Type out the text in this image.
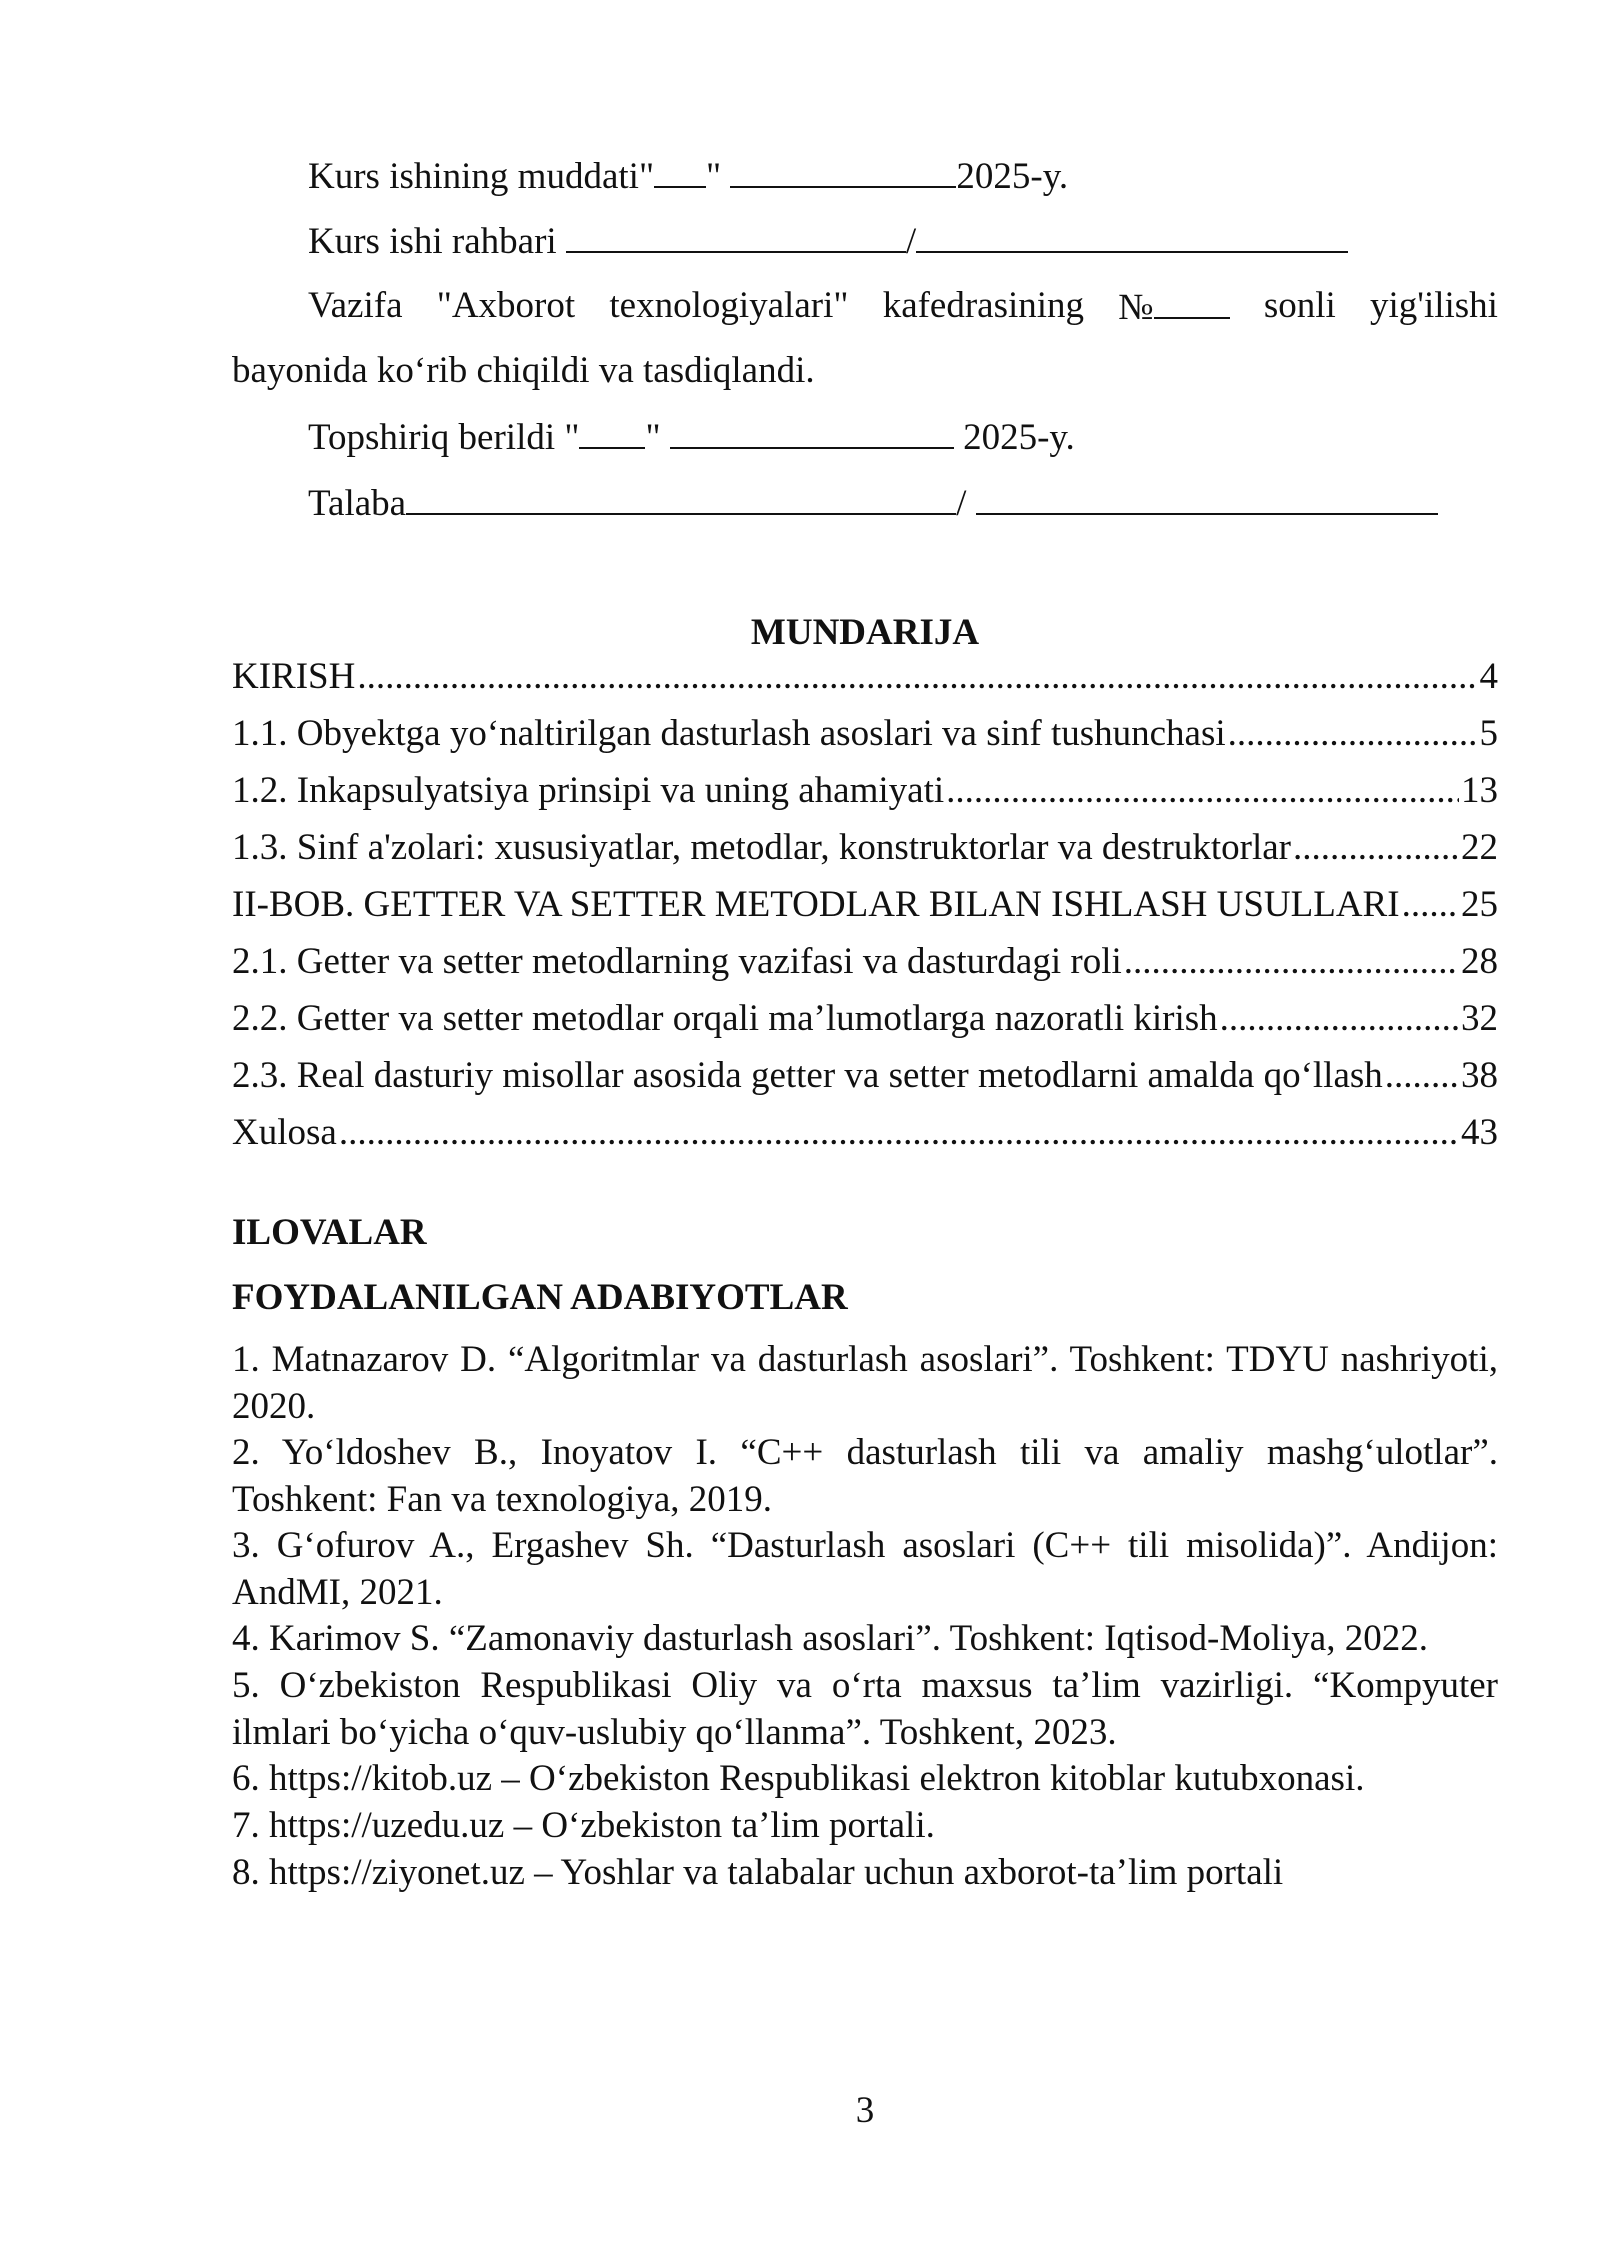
Kurs ishining muddati" "	2025-y.
Kurs ishi rahbari	/
Vazifa "Axborot texnologiyalari" kafedrasining №	sonli yig'ilishi
bayonida ko‘rib chiqildi va tasdiqlandi.
Topshiriq berildi " "	2025-y.
Talaba	/
MUNDARIJA
KIRISH .....	4
1.1. Obyektga yo‘naltirilgan dasturlash asoslari va sinf tushunchasi .....	5
1.2. Inkapsulyatsiya prinsipi va uning ahamiyati .....	13
1.3. Sinf a'zolari: xususiyatlar, metodlar, konstruktorlar va destruktorlar .....	22
II-BOB. GETTER VA SETTER METODLAR BILAN ISHLASH USULLARI ..... 25
2.1. Getter va setter metodlarning vazifasi va dasturdagi roli .....	28
2.2. Getter va setter metodlar orqali ma’lumotlarga nazoratli kirish .....	32
2.3. Real dasturiy misollar asosida getter va setter metodlarni amalda qo‘llash ..... 38
Xulosa .....	43
ILOVALAR
FOYDALANILGAN ADABIYOTLAR
1. Matnazarov D. “Algoritmlar va dasturlash asoslari”. Toshkent: TDYU nashriyoti, 2020.
2. Yo‘ldoshev B., Inoyatov I. “C++ dasturlash tili va amaliy mashg‘ulotlar”. Toshkent: Fan va texnologiya, 2019.
3. G‘ofurov A., Ergashev Sh. “Dasturlash asoslari (C++ tili misolida)”. Andijon: AndMI, 2021.
4. Karimov S. “Zamonaviy dasturlash asoslari”. Toshkent: Iqtisod-Moliya, 2022.
5. O‘zbekiston Respublikasi Oliy va o‘rta maxsus ta’lim vazirligi. “Kompyuter ilmlari bo‘yicha o‘quv-uslubiy qo‘llanma”. Toshkent, 2023.
6. https://kitob.uz – O‘zbekiston Respublikasi elektron kitoblar kutubxonasi.
7. https://uzedu.uz – O‘zbekiston ta’lim portali.
8. https://ziyonet.uz – Yoshlar va talabalar uchun axborot-ta’lim portali
3
